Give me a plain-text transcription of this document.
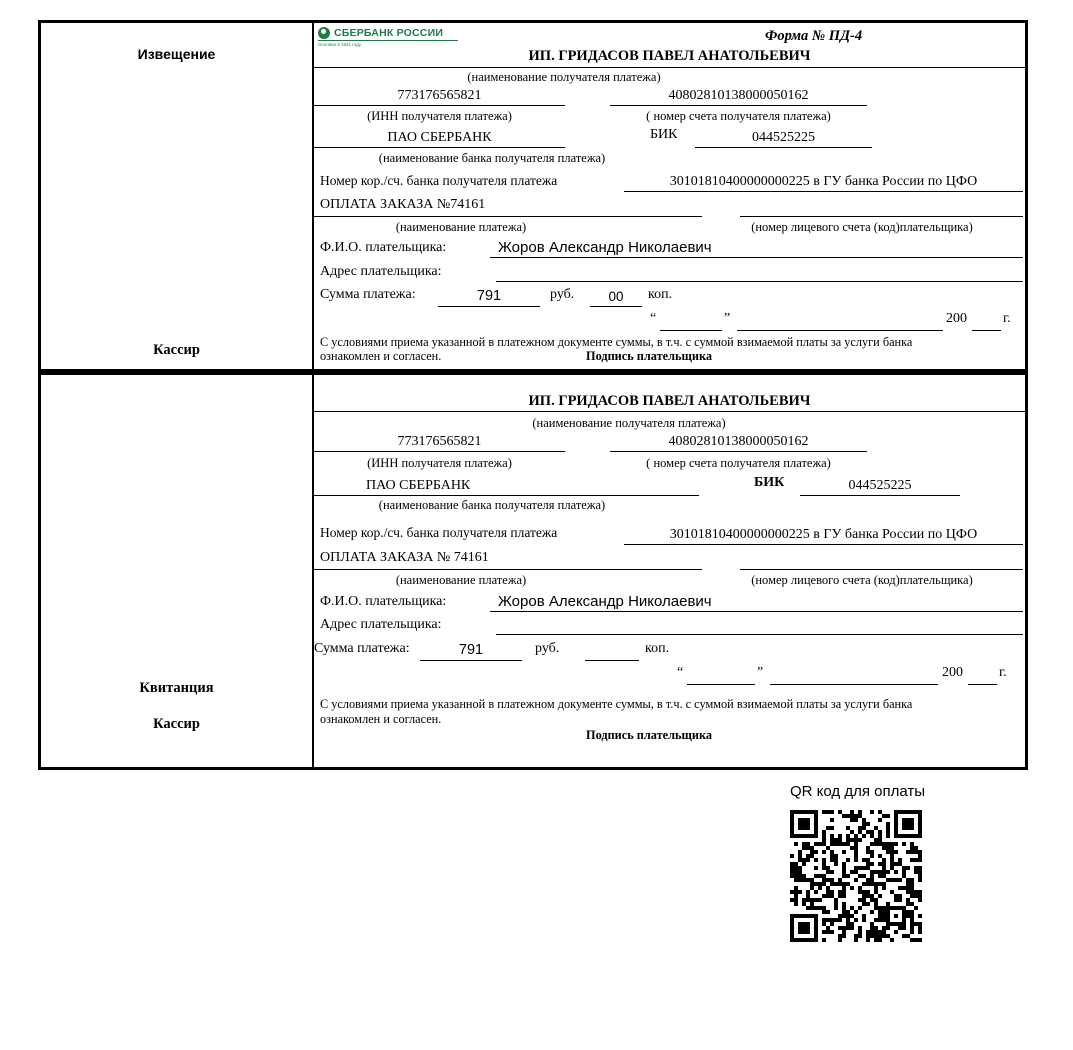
Извещение
Кассир
СБЕРБАНК РОССИИ
Основан в 1841 году
Форма № ПД-4
ИП. ГРИДАСОВ ПАВЕЛ АНАТОЛЬЕВИЧ
(наименование получателя платежа)
773176565821	40802810138000050162
(ИНН получателя платежа)	( номер счета получателя платежа)
ПАО СБЕРБАНК	БИК	044525225
(наименование банка получателя платежа)
Номер кор./сч. банка получателя платежа	30101810400000000225 в ГУ банка России по ЦФО
ОПЛАТА ЗАКАЗА №74161
(наименование платежа)	(номер лицевого счета (код)плательщика)
Ф.И.О. плательщика:	Жоров Александр Николаевич
Адрес плательщика:
Сумма платежа:	791	руб.	00	коп.
“	”	200	г.
С условиями приема указанной в платежном документе суммы, в т.ч. с суммой взимаемой платы за услуги банка
ознакомлен и согласен.	Подпись плательщика
Квитанция
Кассир
ИП. ГРИДАСОВ ПАВЕЛ АНАТОЛЬЕВИЧ
(наименование получателя платежа)
773176565821	40802810138000050162
(ИНН получателя платежа)	( номер счета получателя платежа)
ПАО СБЕРБАНК	БИК	044525225
(наименование банка получателя платежа)
Номер кор./сч. банка получателя платежа	30101810400000000225 в ГУ банка России по ЦФО
ОПЛАТА ЗАКАЗА № 74161
(наименование платежа)	(номер лицевого счета (код)плательщика)
Ф.И.О. плательщика:	Жоров Александр Николаевич
Адрес плательщика:
Сумма платежа:	791	руб.	коп.
“	”	200	г.
С условиями приема указанной в платежном документе суммы, в т.ч. с суммой взимаемой платы за услуги банка
ознакомлен и согласен.
Подпись плательщика
QR код для оплаты
